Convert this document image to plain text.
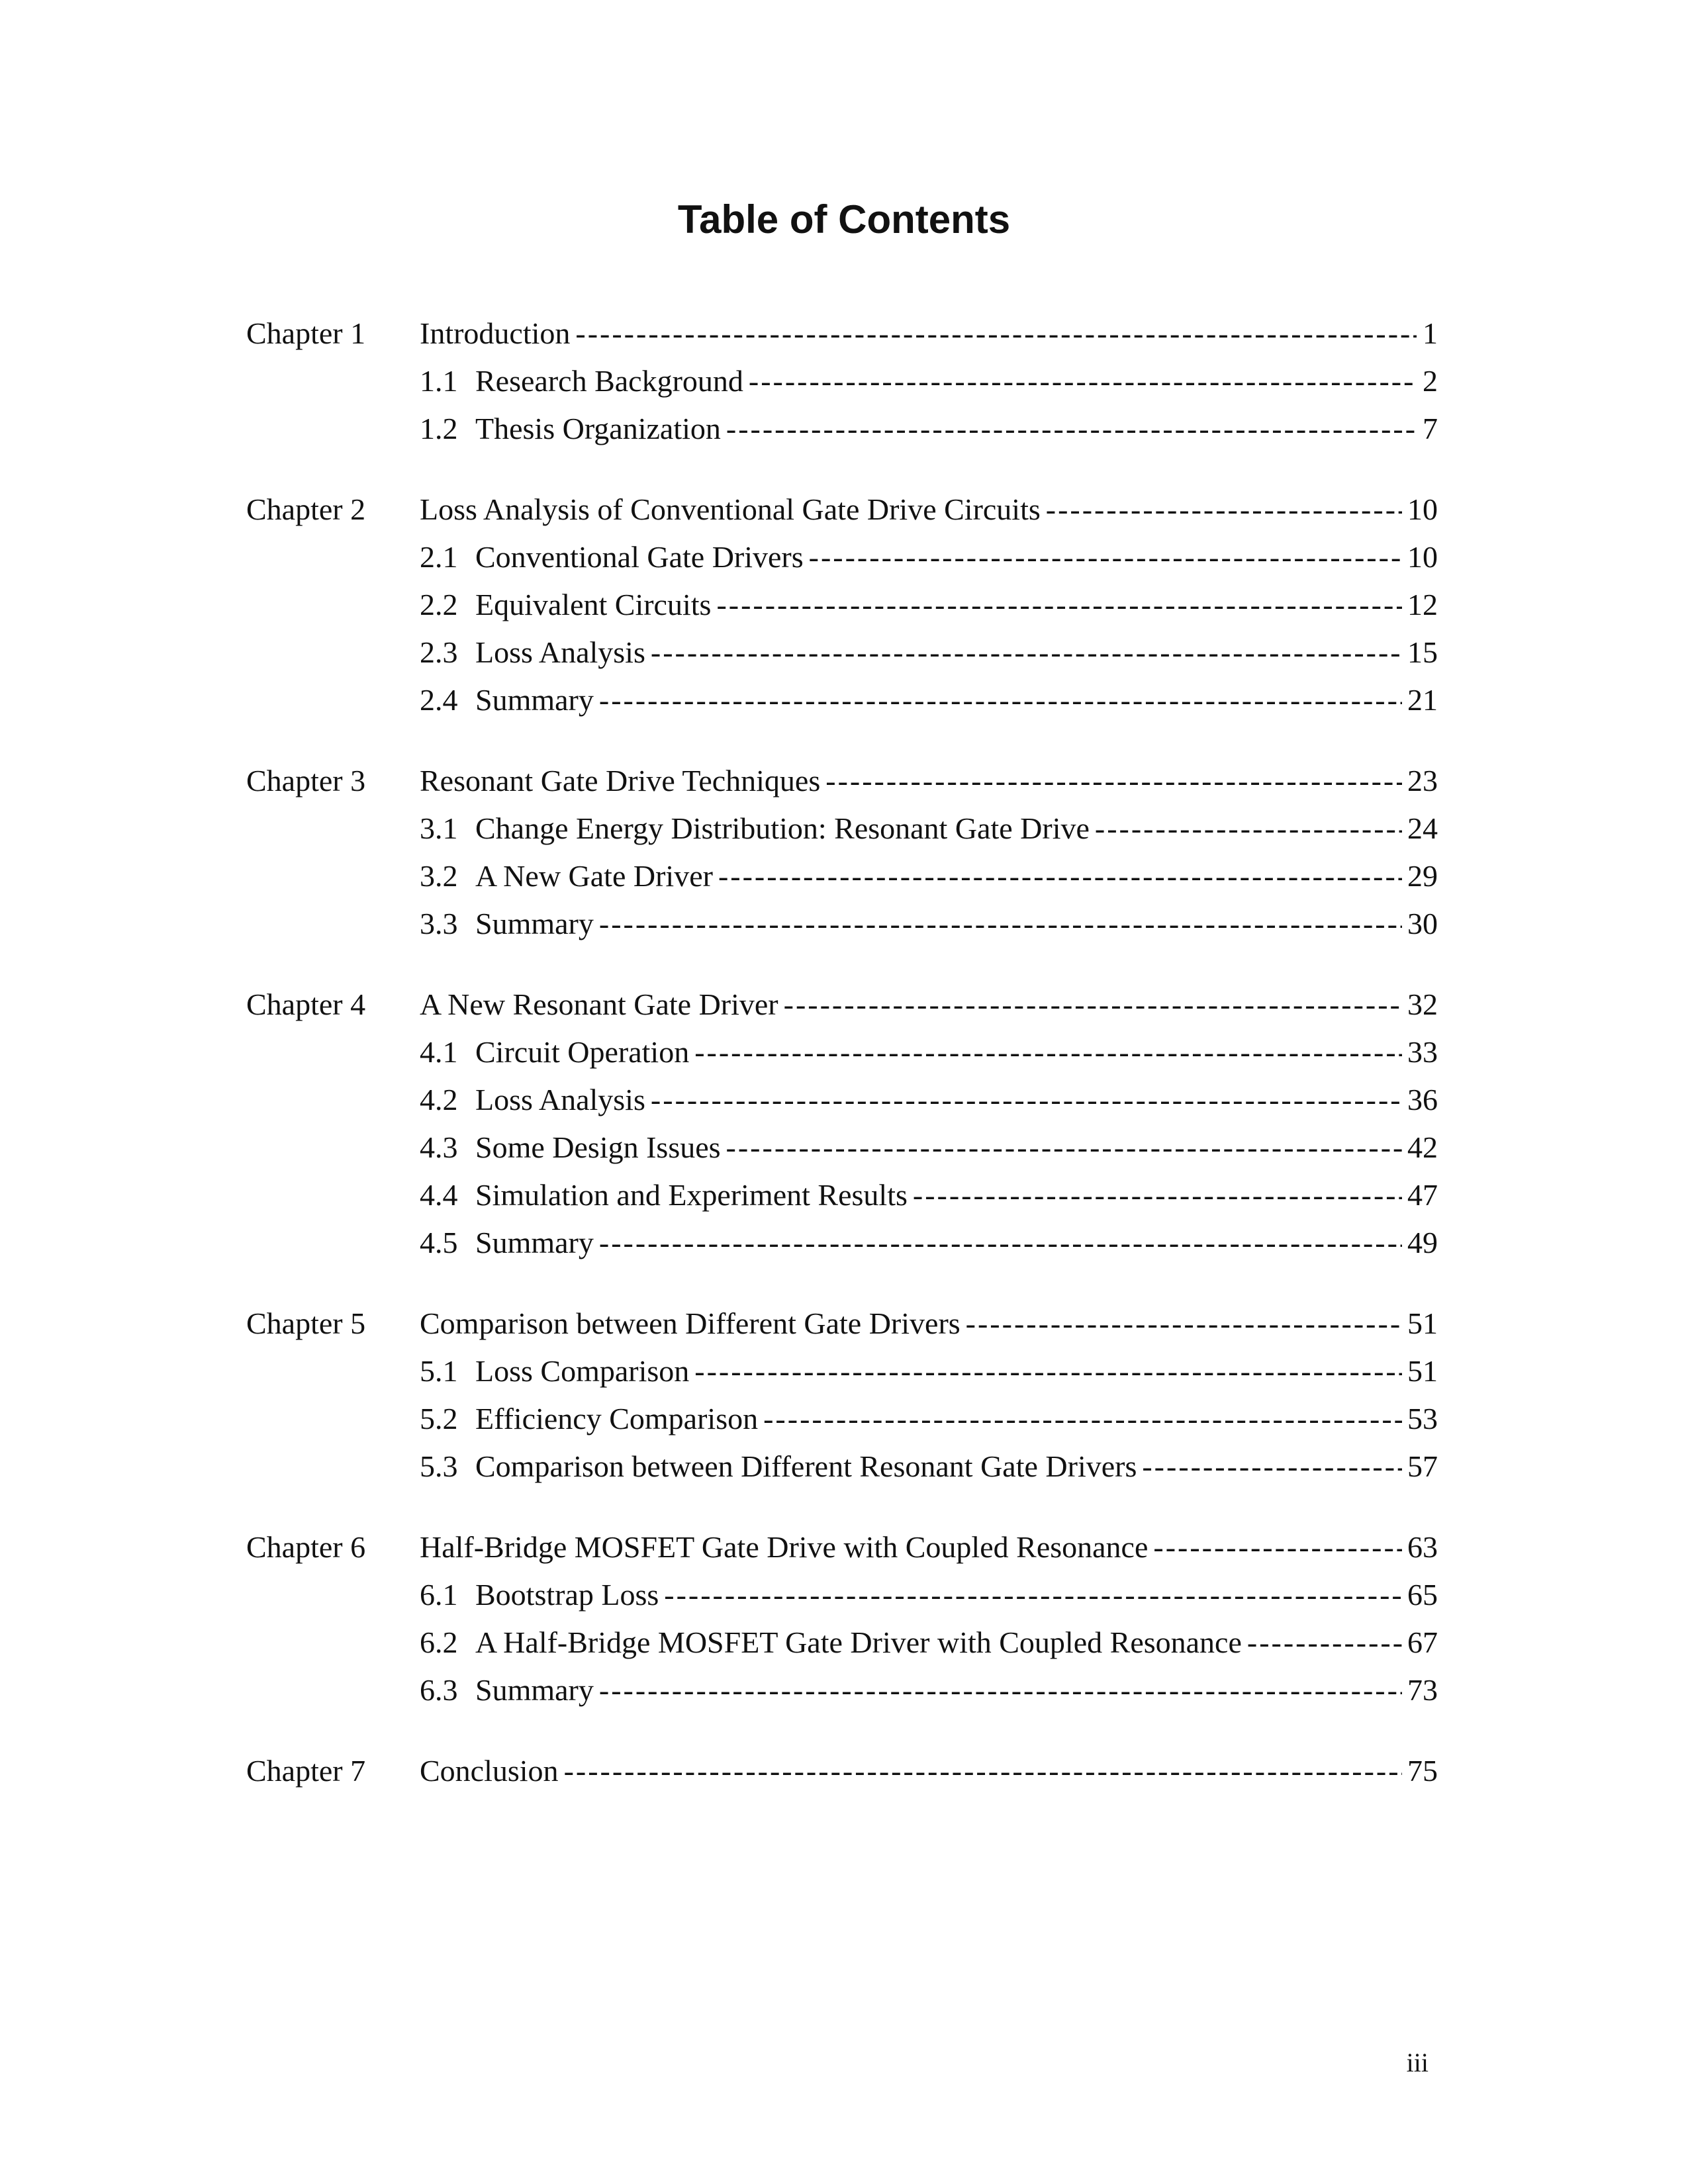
Table of Contents
Chapter 1	Introduction -----	1
1.1 Research Background -----	2
1.2 Thesis Organization -----	7
Chapter 2	Loss Analysis of Conventional Gate Drive Circuits -----	10
2.1 Conventional Gate Drivers -----	10
2.2 Equivalent Circuits -----	12
2.3 Loss Analysis -----	15
2.4 Summary -----	21
Chapter 3	Resonant Gate Drive Techniques -----	23
3.1 Change Energy Distribution: Resonant Gate Drive -----	24
3.2 A New Gate Driver -----	29
3.3 Summary -----	30
Chapter 4	A New Resonant Gate Driver -----	32
4.1 Circuit Operation -----	33
4.2 Loss Analysis -----	36
4.3 Some Design Issues -----	42
4.4 Simulation and Experiment Results -----	47
4.5 Summary -----	49
Chapter 5	Comparison between Different Gate Drivers -----	51
5.1 Loss Comparison -----	51
5.2 Efficiency Comparison -----	53
5.3 Comparison between Different Resonant Gate Drivers -----	57
Chapter 6	Half-Bridge MOSFET Gate Drive with Coupled Resonance -----	63
6.1 Bootstrap Loss -----	65
6.2 A Half-Bridge MOSFET Gate Driver with Coupled Resonance -----	67
6.3 Summary -----	73
Chapter 7	Conclusion -----	75
iii
